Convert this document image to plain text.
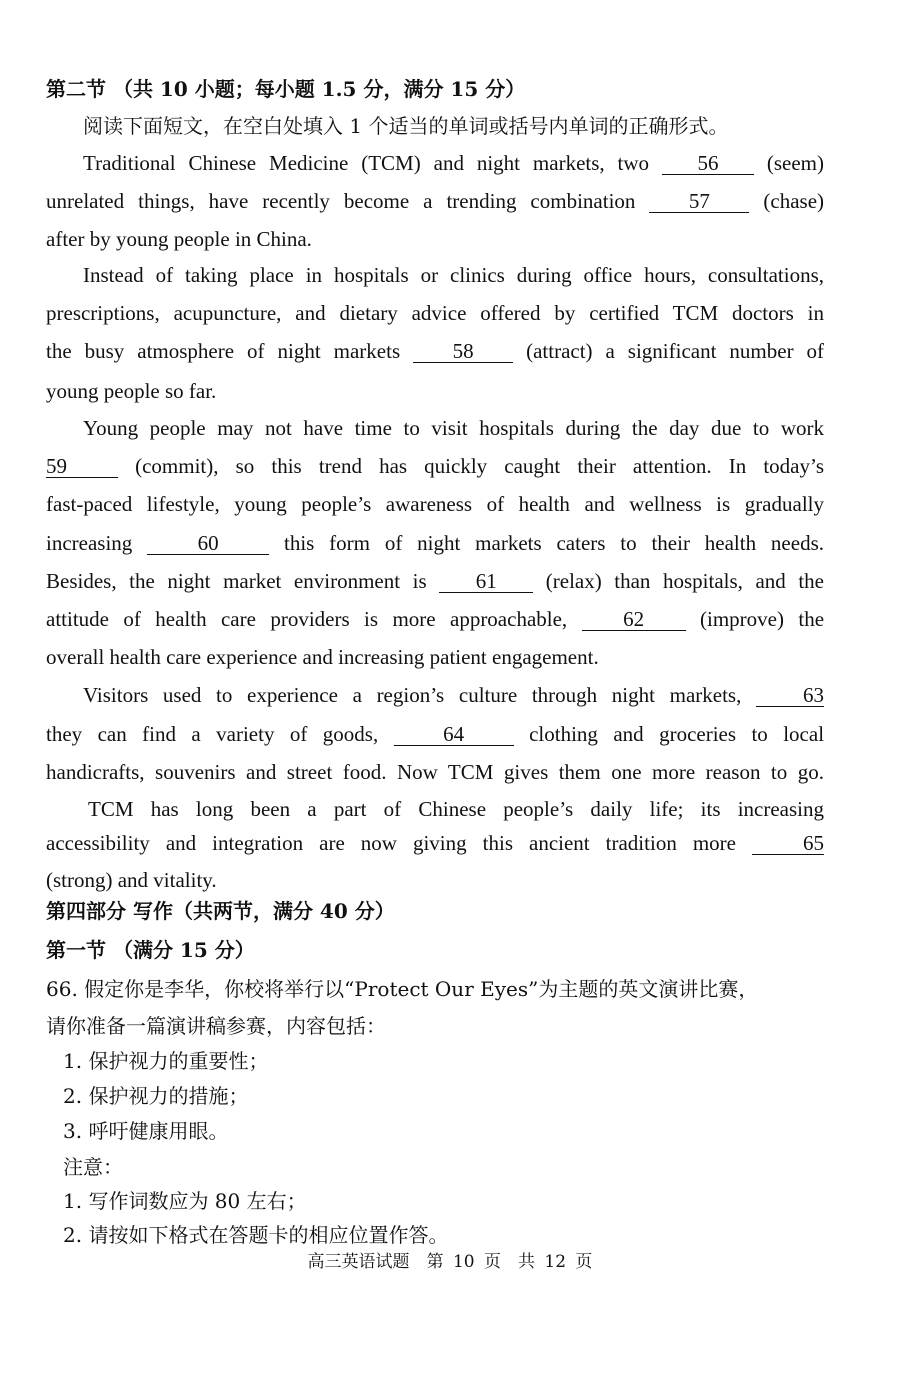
第二节 （共 10 小题；每小题 1.5 分，满分 15 分）
阅读下面短文，在空白处填入 1 个适当的单词或括号内单词的正确形式。
Traditional Chinese Medicine (TCM) and night markets, two 56 (seem)
unrelated things, have recently become a trending combination	57	(chase)
after by young people in China.
Instead of taking place in hospitals or clinics during office hours, consultations,
prescriptions, acupuncture, and dietary advice offered by certified TCM doctors in
the busy atmosphere of night markets 58 (attract) a significant number of
young people so far.
Young people may not have time to visit hospitals during the day due to work
59	(commit), so this trend has quickly caught their attention. In today’s
fast-paced lifestyle, young people’s awareness of health and wellness is gradually
increasing	60	this form of night markets caters to their health needs.
Besides, the night market environment is 61 (relax) than hospitals, and the
attitude of health care providers is more approachable,	62	(improve) the
overall health care experience and increasing patient engagement.
Visitors used to experience a region’s culture through night markets,	63
they can find a variety of goods,	64	clothing and groceries to local
handicrafts, souvenirs and street food. Now TCM gives them one more reason to go.
TCM has long been a part of Chinese people’s daily life; its increasing
accessibility and integration are now giving this ancient tradition more	65
(strong) and vitality.
第四部分 写作（共两节，满分 40 分）
第一节 （满分 15 分）
66. 假定你是李华，你校将举行以“Protect Our Eyes”为主题的英文演讲比赛，
请你准备一篇演讲稿参赛，内容包括：
1. 保护视力的重要性；
2. 保护视力的措施；
3. 呼吁健康用眼。
注意：
1. 写作词数应为 80 左右；
2. 请按如下格式在答题卡的相应位置作答。
高三英语试题　第 10 页　共 12 页
